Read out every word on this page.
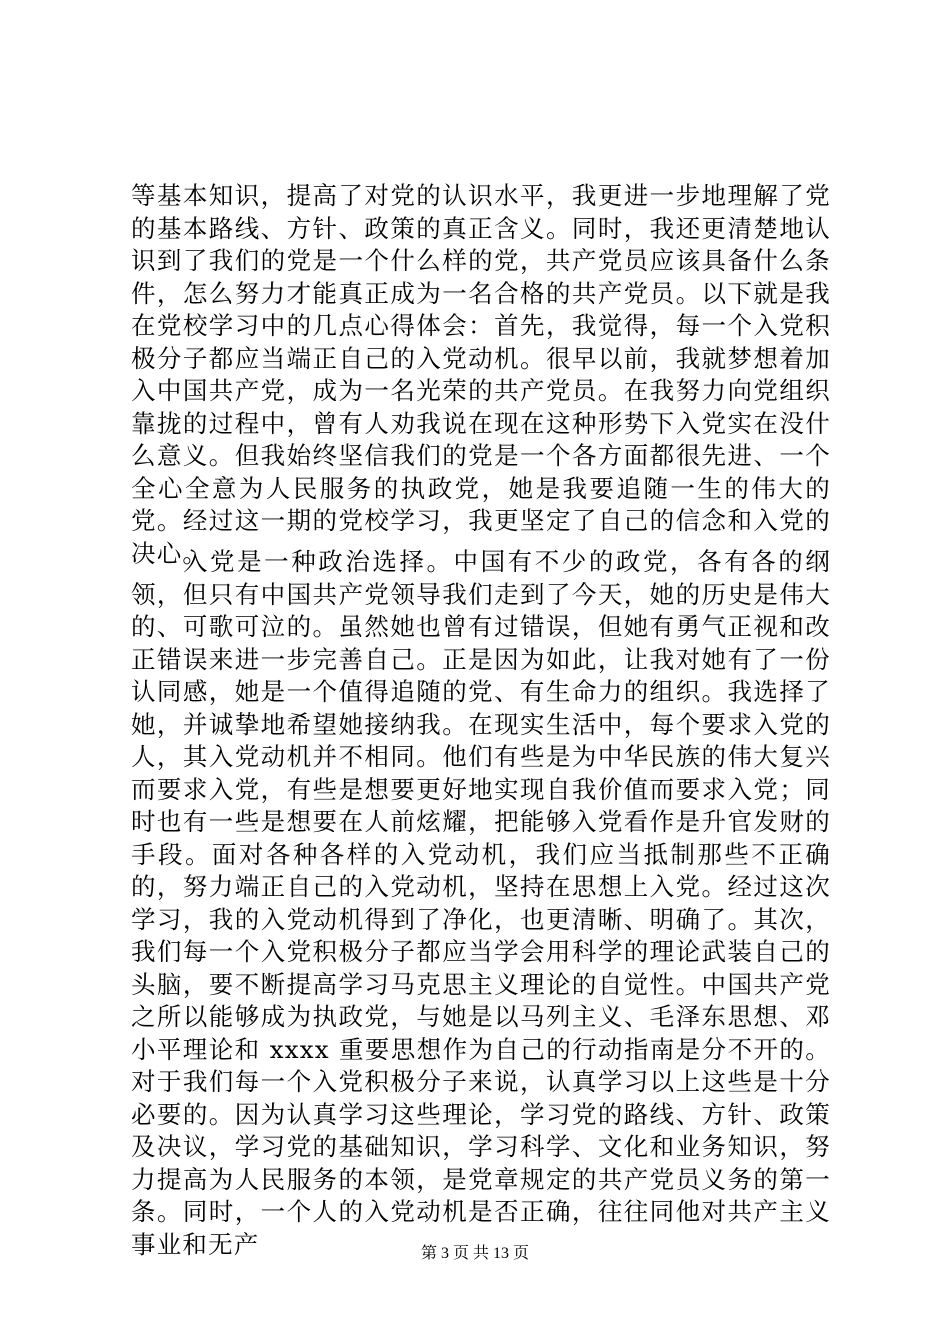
等基本知识，提高了对党的认识水平，我更进一步地理解了党的基本路线、方针、政策的真正含义。同时，我还更清楚地认识到了我们的党是一个什么样的党，共产党员应该具备什么条件，怎么努力才能真正成为一名合格的共产党员。以下就是我在党校学习中的几点心得体会：首先，我觉得，每一个入党积极分子都应当端正自己的入党动机。很早以前，我就梦想着加入中国共产党，成为一名光荣的共产党员。在我努力向党组织靠拢的过程中，曾有人劝我说在现在这种形势下入党实在没什么意义。但我始终坚信我们的党是一个各方面都很先进、一个全心全意为人民服务的执政党，她是我要追随一生的伟大的党。经过这一期的党校学习，我更坚定了自己的信念和入党的决心。

入党是一种政治选择。中国有不少的政党，各有各的纲领，但只有中国共产党领导我们走到了今天，她的历史是伟大的、可歌可泣的。虽然她也曾有过错误，但她有勇气正视和改正错误来进一步完善自己。正是因为如此，让我对她有了一份认同感，她是一个值得追随的党、有生命力的组织。我选择了她，并诚挚地希望她接纳我。在现实生活中，每个要求入党的人，其入党动机并不相同。他们有些是为中华民族的伟大复兴而要求入党，有些是想要更好地实现自我价值而要求入党；同时也有一些是想要在人前炫耀，把能够入党看作是升官发财的手段。面对各种各样的入党动机，我们应当抵制那些不正确的，努力端正自己的入党动机，坚持在思想上入党。经过这次学习，我的入党动机得到了净化，也更清晰、明确了。其次，我们每一个入党积极分子都应当学会用科学的理论武装自己的头脑，要不断提高学习马克思主义理论的自觉性。中国共产党之所以能够成为执政党，与她是以马列主义、毛泽东思想、邓小平理论和 xxxx 重要思想作为自己的行动指南是分不开的。对于我们每一个入党积极分子来说，认真学习以上这些是十分必要的。因为认真学习这些理论，学习党的路线、方针、政策及决议，学习党的基础知识，学习科学、文化和业务知识，努力提高为人民服务的本领，是党章规定的共产党员义务的第一条。同时，一个人的入党动机是否正确，往往同他对共产主义事业和无产	第 3 页 共 13 页
